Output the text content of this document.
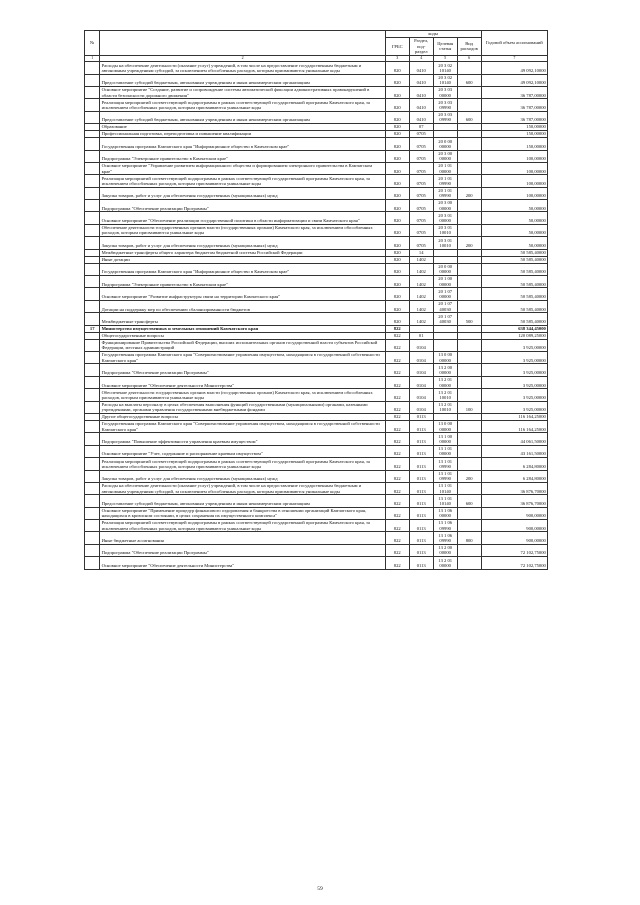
№		коды				Годовой объем ассигнований
		ГРБС	Раздел, под-раздел	Целевая статья	Вид расходов	
1	2	3	4	5	6	7
	Расходы на обеспечение деятельности (оказание услуг) учреждений, в том числе на предоставление государственным бюджетным и автономным учреждениям субсидий, за исключением обособленных расходов, которым присваиваются уникальные коды	820	0410	20 3 02 10140		49 092,10000
	Предоставление субсидий бюджетным, автономным учреждениям и иным некоммерческим организациям	820	0410	20 3 02 10140	600	49 092,10000
	Основное мероприятие "Создание, развитие и сопровождение системы автоматической фиксации административных правонарушений в области безопасности дорожного движения"	820	0410	20 3 03 00000		36 787,00000
	Реализация мероприятий соответствующей подпрограммы в рамках соответствующей государственной программы Камчатского края, за исключением обособленных расходов, которым присваиваются уникальные коды	820	0410	20 3 03 09990		36 787,00000
	Предоставление субсидий бюджетным, автономным учреждениям и иным некоммерческим организациям	820	0410	20 3 03 09990	600	36 787,00000
	Образование	820	07			150,00000
	Профессиональная подготовка, переподготовка и повышение квалификации	820	0705			150,00000
	Государственная программа Камчатского края "Информационное общество в Камчатском крае"	820	0705	20 0 00 00000		150,00000
	Подпрограмма "Электронное правительство в Камчатском крае"	820	0705	20 3 00 00000		100,00000
	Основное мероприятие "Управление развитием информационного общества и формированием электронного правительства в Камчатском крае"	820	0705	20 1 01 00000		100,00000
	Реализация мероприятий соответствующей подпрограммы в рамках соответствующей государственной программы Камчатского края, за исключением обособленных расходов, которым присваиваются уникальные коды	820	0705	20 1 01 09990		100,00000
	Закупка товаров, работ и услуг для обеспечения государственных (муниципальных) нужд	820	0705	20 1 01 09990	200	100,00000
	Подпрограмма "Обеспечение реализации Программы"	820	0705	20 3 00 00000		50,00000
	Основное мероприятие "Обеспечение реализации государственной политики в области информатизации и связи Камчатского края"	820	0705	20 3 01 00000		50,00000
	Обеспечение деятельности государственных органов власти (государственных органов) Камчатского края, за исключением обособленных расходов, которым присваиваются уникальные коды	820	0705	20 3 01 10010		50,00000
	Закупка товаров, работ и услуг для обеспечения государственных (муниципальных) нужд	820	0705	20 3 01 10010	200	50,00000
	Межбюджетные трансферты общего характера бюджетам бюджетной системы Российской Федерации	820	14			50 585,40000
	Иные дотации	820	1402			50 585,40000
	Государственная программа Камчатского края "Информационное общество в Камчатском крае"	820	1402	20 0 00 00000		50 585,40000
	Подпрограмма "Электронное правительство в Камчатском крае"	820	1402	20 1 00 00000		50 585,40000
	Основное мероприятие "Развитие инфраструктуры связи на территории Камчатского края"	820	1402	20 1 07 00000		50 585,40000
	Дотации на поддержку мер по обеспечению сбалансированности бюджетов	820	1402	20 1 07 40030		50 585,40000
	Межбюджетные трансферты	820	1402	20 1 07 40030	500	50 585,40000
17	Министерство имущественных и земельных отношений Камчатского края	822				638 344,45000
	Общегосударственные вопросы	822	01			120 089,25000
	Функционирование Правительства Российской Федерации, высших исполнительных органов государственной власти субъектов Российской Федерации, местных администраций	822	0104			3 925,00000
	Государственная программа Камчатского края "Совершенствование управления имуществом, находящимся в государственной собственности Камчатского края"	822	0104	13 0 00 00000		3 925,00000
	Подпрограмма "Обеспечение реализации Программы"	822	0104	13 2 00 00000		3 925,00000
	Основное мероприятие "Обеспечение деятельности Министерства"	822	0104	13 2 01 00000		3 925,00000
	Обеспечение деятельности государственных органов власти (государственных органов) Камчатского края, за исключением обособленных расходов, которым присваиваются уникальные коды	822	0104	13 2 01 10010		3 925,00000
	Расходы на выплаты персоналу в целях обеспечения выполнения функций государственными (муниципальными) органами, казенными учреждениями, органами управления государственными внебюджетными фондами	822	0104	13 2 01 10010	100	3 925,00000
	Другие общегосударственные вопросы	822	0113			116 164,25000
	Государственная программа Камчатского края "Совершенствование управления имуществом, находящимся в государственной собственности Камчатского края"	822	0113	13 0 00 00000		116 164,25000
	Подпрограмма "Повышение эффективности управления краевым имуществом"	822	0113	13 1 00 00000		44 061,50000
	Основное мероприятие "Учет, содержание и распоряжение краевым имуществом"	822	0113	13 1 01 00000		43 161,50000
	Реализация мероприятий соответствующей подпрограммы в рамках соответствующей государственной программы Камчатского края, за исключением обособленных расходов, которым присваиваются уникальные коды	822	0113	13 1 01 09990		6 284,80000
	Закупка товаров, работ и услуг для обеспечения государственных (муниципальных) нужд	822	0113	13 1 01 09990	200	6 284,80000
	Расходы на обеспечение деятельности (оказание услуг) учреждений, в том числе на предоставление государственным бюджетным и автономным учреждениям субсидий, за исключением обособленных расходов, которым присваиваются уникальные коды	822	0113	13 1 01 10140		36 876,70000
	Предоставление субсидий бюджетным, автономным учреждениям и иным некоммерческим организациям	822	0113	13 1 01 10140	600	36 876,70000
	Основное мероприятие "Применение процедур финансового оздоровления и банкротства в отношении организаций Камчатского края, находящихся в кризисном состоянии, в целях сохранения их имущественного комплекса"	822	0113	13 1 06 00000		900,00000
	Реализация мероприятий соответствующей подпрограммы в рамках соответствующей государственной программы Камчатского края, за исключением обособленных расходов, которым присваиваются уникальные коды	822	0113	13 1 06 09990		900,00000
	Иные бюджетные ассигнования	822	0113	13 1 06 09990	800	900,00000
	Подпрограмма "Обеспечение реализации Программы"	822	0113	13 2 00 00000		72 102,75000
	Основное мероприятие "Обеспечение деятельности Министерства"	822	0113	13 2 01 00000		72 102,75000
59
